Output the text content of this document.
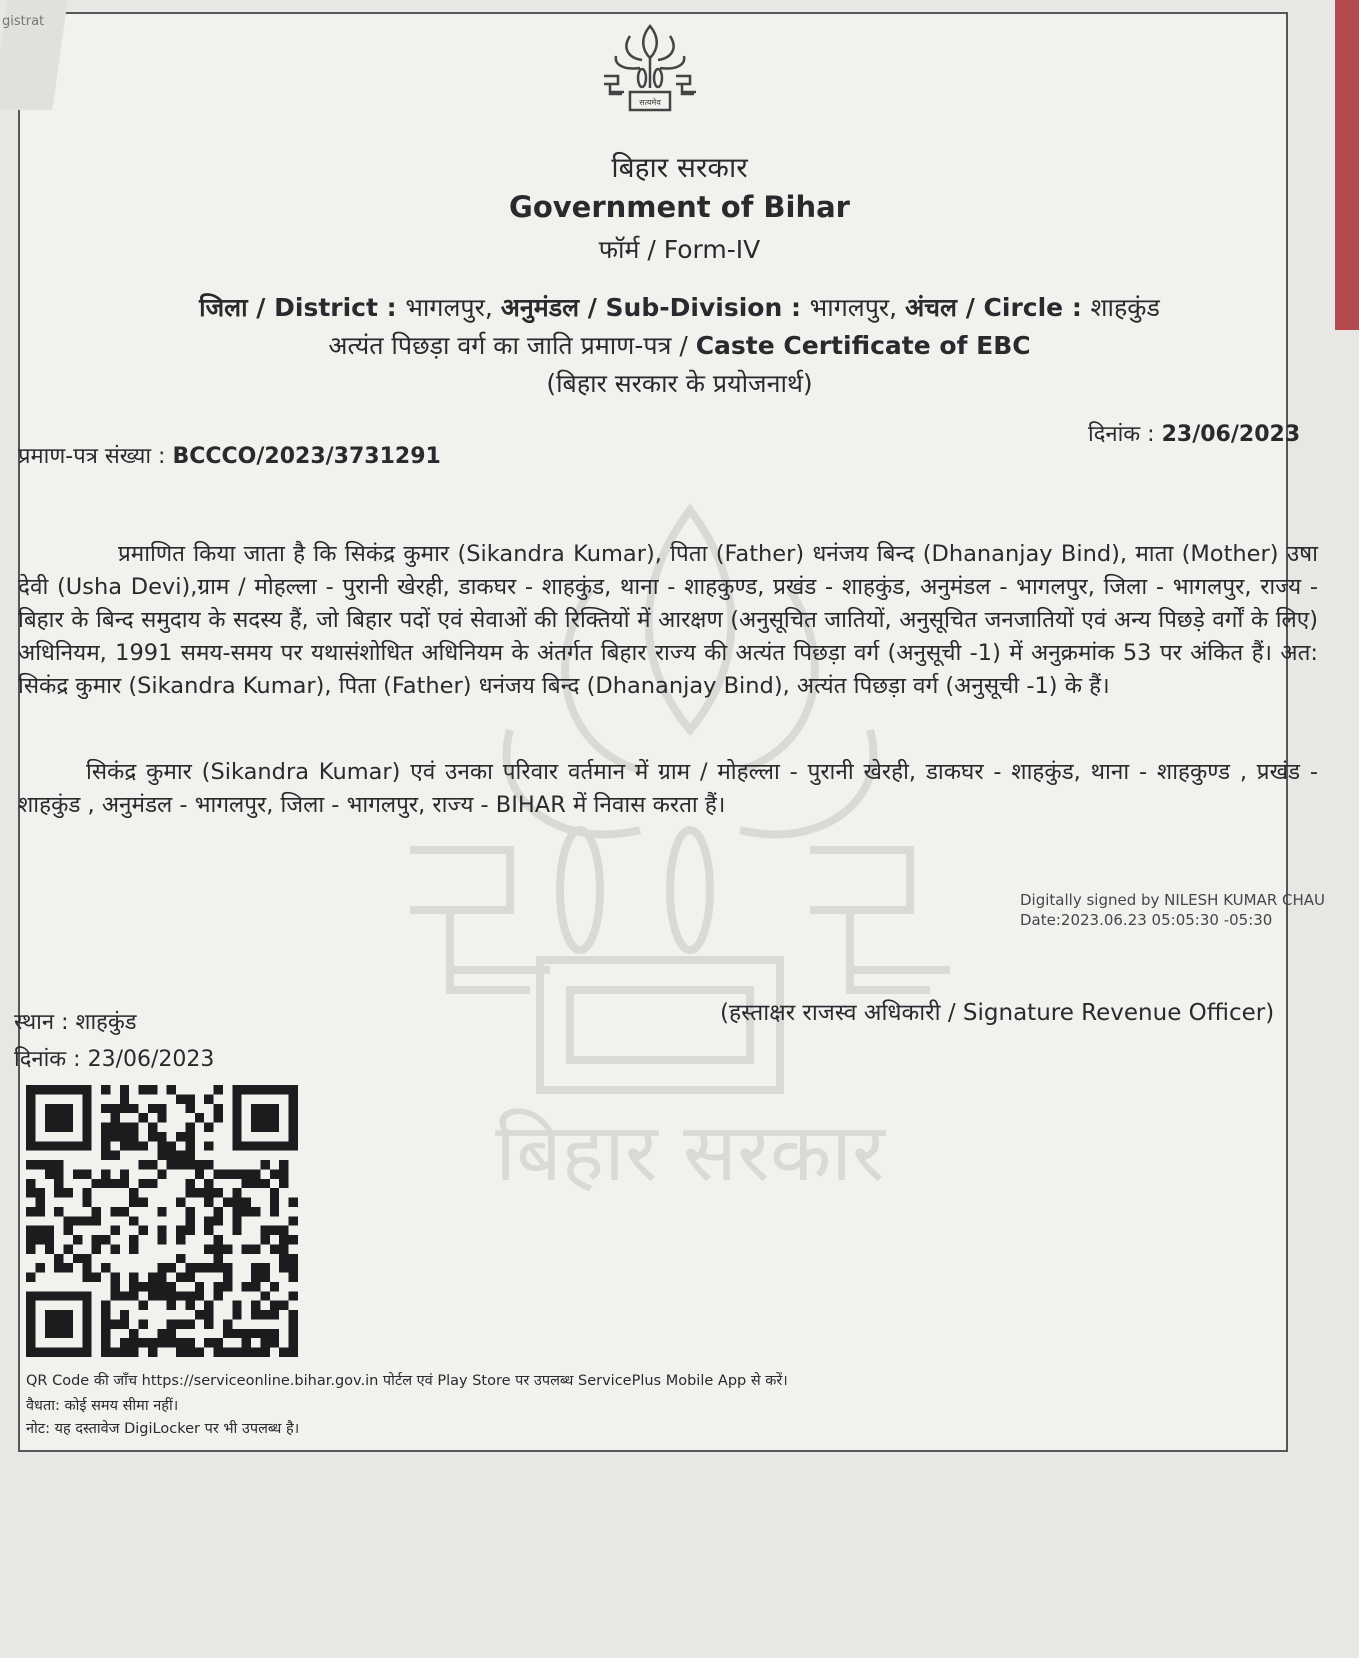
gistrat
सत्यमेव
बिहार सरकार
Government of Bihar
फॉर्म / Form-IV
जिला / District : भागलपुर, अनुमंडल / Sub-Division : भागलपुर, अंचल / Circle : शाहकुंड
अत्यंत पिछड़ा वर्ग का जाति प्रमाण-पत्र / Caste Certificate of EBC
(बिहार सरकार के प्रयोजनार्थ)
प्रमाण-पत्र संख्या : BCCCO/2023/3731291
दिनांक : 23/06/2023
प्रमाणित किया जाता है कि सिकंद्र कुमार (Sikandra Kumar), पिता (Father) धनंजय बिन्द (Dhananjay Bind), माता (Mother) उषा देवी (Usha Devi),ग्राम / मोहल्ला - पुरानी खेरही, डाकघर - शाहकुंड, थाना - शाहकुण्ड, प्रखंड - शाहकुंड, अनुमंडल - भागलपुर, जिला - भागलपुर, राज्य - बिहार के बिन्द समुदाय के सदस्य हैं, जो बिहार पदों एवं सेवाओं की रिक्तियों में आरक्षण (अनुसूचित जातियों, अनुसूचित जनजातियों एवं अन्य पिछड़े वर्गों के लिए) अधिनियम, 1991 समय-समय पर यथासंशोधित अधिनियम के अंतर्गत बिहार राज्य की अत्यंत पिछड़ा वर्ग (अनुसूची -1) में अनुक्रमांक 53 पर अंकित हैं। अत: सिकंद्र कुमार (Sikandra Kumar), पिता (Father) धनंजय बिन्द (Dhananjay Bind), अत्यंत पिछड़ा वर्ग (अनुसूची -1) के हैं।
सिकंद्र कुमार (Sikandra Kumar) एवं उनका परिवार वर्तमान में ग्राम / मोहल्ला - पुरानी खेरही, डाकघर - शाहकुंड, थाना - शाहकुण्ड , प्रखंड - शाहकुंड , अनुमंडल - भागलपुर, जिला - भागलपुर, राज्य - BIHAR में निवास करता हैं।
Digitally signed by NILESH KUMAR CHAU
Date:2023.06.23 05:05:30 -05:30
(हस्ताक्षर राजस्व अधिकारी / Signature Revenue Officer)
स्थान : शाहकुंड
दिनांक : 23/06/2023
QR Code की जाँच https://serviceonline.bihar.gov.in पोर्टल एवं Play Store पर उपलब्ध ServicePlus Mobile App से करें।
वैधता: कोई समय सीमा नहीं।
नोट: यह दस्तावेज DigiLocker पर भी उपलब्ध है।
